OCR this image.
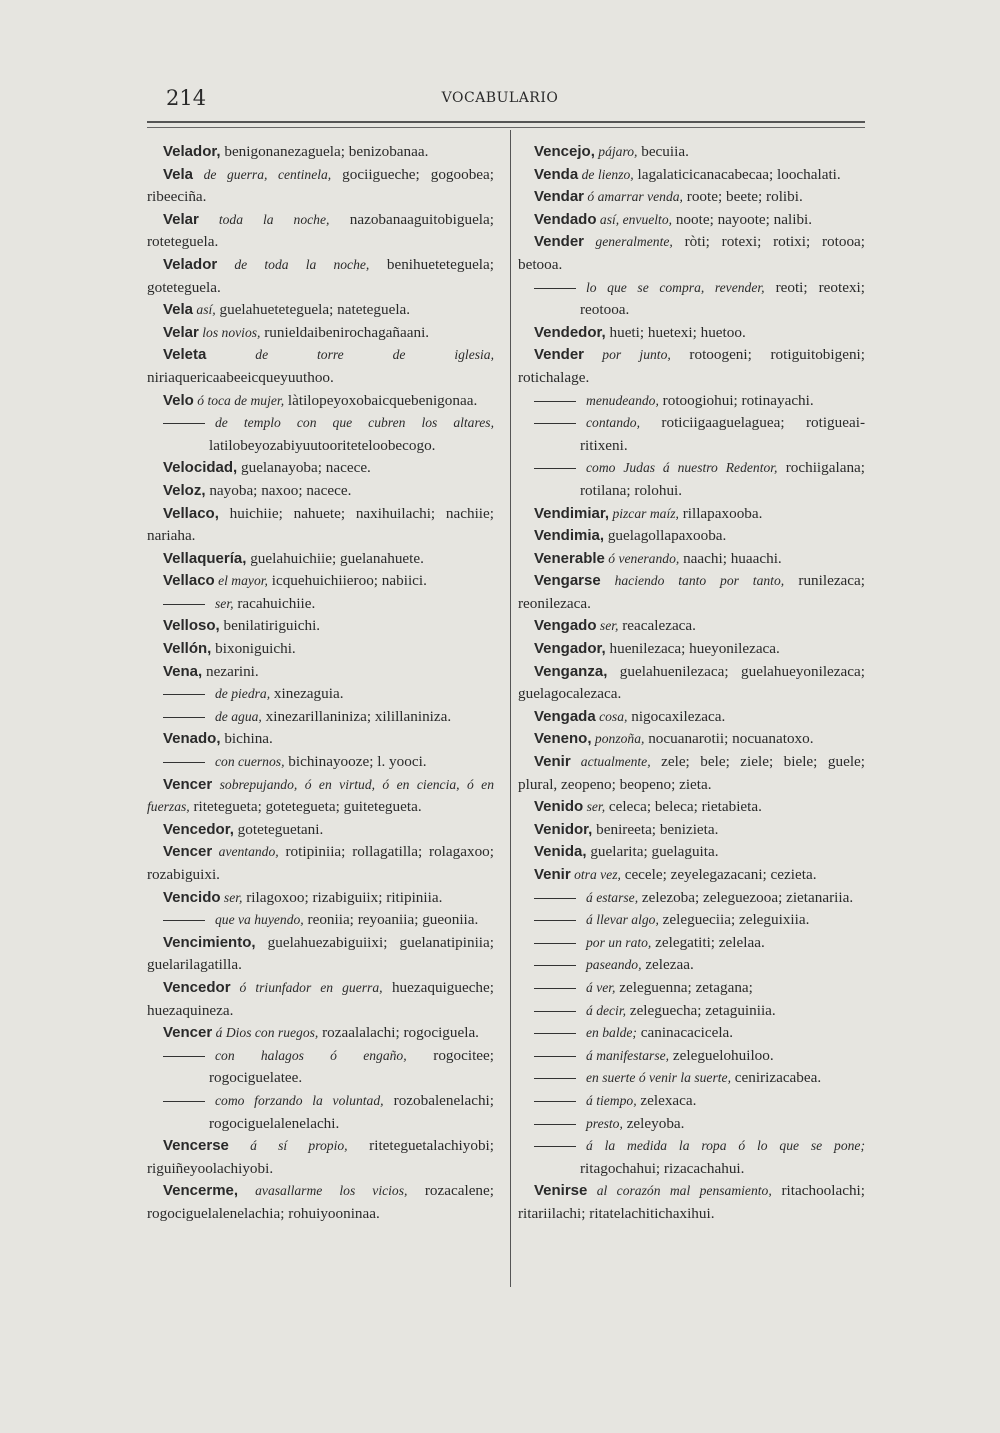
214	VOCABULARIO
Velador, benigonanezaguela; benizobanaa.
Vela de guerra, centinela, gociigueche; gogoobea; ribeeciña.
Velar toda la noche, nazobanaaguitobiguela; roteteguela.
Velador de toda la noche, benihueteteguela; goteteguela.
Vela así, guelahueteteguela; nateteguela.
Velar los novios, runieldaibenirochagañaani.
Veleta de torre de iglesia, niriaquericaabeeicqueyuuthoo.
Velo ó toca de mujer, làtilopeyoxobaicquebenigonaa.
de templo con que cubren los altares, latilobeyozabiyuutooriteteloobecogo.
Velocidad, guelanayoba; nacece.
Veloz, nayoba; naxoo; nacece.
Vellaco, huichiie; nahuete; naxihuilachi; nachiie; nariaha.
Vellaquería, guelahuichiie; guelanahuete.
Vellaco el mayor, icquehuichiieroo; nabiici.
ser, racahuichiie.
Velloso, benilatiriguichi.
Vellón, bixoniguichi.
Vena, nezarini.
de piedra, xinezaguia.
de agua, xinezarillaniniza; xilillaniniza.
Venado, bichina.
con cuernos, bichinayooze; l. yooci.
Vencer sobrepujando, ó en virtud, ó en ciencia, ó en fuerzas, ritetegueta; gotetegueta; guitetegueta.
Vencedor, goteteguetani.
Vencer aventando, rotipiniia; rollagatilla; rolagaxoo; rozabiguixi.
Vencido ser, rilagoxoo; rizabiguiix; ritipiniia.
que va huyendo, reoniia; reyoaniia; gueoniia.
Vencimiento, guelahuezabiguiixi; guelanatipiniia; guelarilagatilla.
Vencedor ó triunfador en guerra, huezaquigueche; huezaquineza.
Vencer á Dios con ruegos, rozaalalachi; rogociguela.
con halagos ó engaño, rogocitee; rogociguelatee.
como forzando la voluntad, rozobalenelachi; rogociguelalenelachi.
Vencerse á sí propio, riteteguetalachiyobi; riguiñeyoolachiyobi.
Vencerme, avasallarme los vicios, rozacalene; rogociguelalenelachia; rohuiyooninaa.
Vencejo, pájaro, becuiia.
Venda de lienzo, lagalaticicanacabecaa; loochalati.
Vendar ó amarrar venda, roote; beete; rolibi.
Vendado así, envuelto, noote; nayoote; nalibi.
Vender generalmente, ròti; rotexi; rotixi; rotooa; betooa.
lo que se compra, revender, reoti; reotexi; reotooa.
Vendedor, hueti; huetexi; huetoo.
Vender por junto, rotoogeni; rotiguitobigeni; rotichalage.
menudeando, rotoogiohui; rotinayachi.
contando, roticiigaaguelaguea; rotigueairitixeni.
como Judas á nuestro Redentor, rochiigalana; rotilana; rolohui.
Vendimiar, pizcar maíz, rillapaxooba.
Vendimia, guelagollapaxooba.
Venerable ó venerando, naachi; huaachi.
Vengarse haciendo tanto por tanto, runilezaca; reonilezaca.
Vengado ser, reacalezaca.
Vengador, huenilezaca; hueyonilezaca.
Venganza, guelahuenilezaca; guelahueyonilezaca; guelagocalezaca.
Vengada cosa, nigocaxilezaca.
Veneno, ponzoña, nocuanarotii; nocuanatoxo.
Venir actualmente, zele; bele; ziele; biele; guele; plural, zeopeno; beopeno; zieta.
Venido ser, celeca; beleca; rietabieta.
Venidor, benireeta; benizieta.
Venida, guelarita; guelaguita.
Venir otra vez, cecele; zeyelegazacani; cezieta.
á estarse, zelezoba; zeleguezooa; zietanariia.
á llevar algo, zelegueciia; zeleguixiia.
por un rato, zelegatiti; zelelaa.
paseando, zelezaa.
á ver, zeleguenna; zetagana;
á decir, zeleguecha; zetaguiniia.
en balde; caninacacicela.
á manifestarse, zeleguelohuiloo.
en suerte ó venir la suerte, cenirizacabea.
á tiempo, zelexaca.
presto, zeleyoba.
á la medida la ropa ó lo que se pone; ritagochahui; rizacachahui.
Venirse al corazón mal pensamiento, ritachoolachi; ritariilachi; ritatelachitichaxihui.
